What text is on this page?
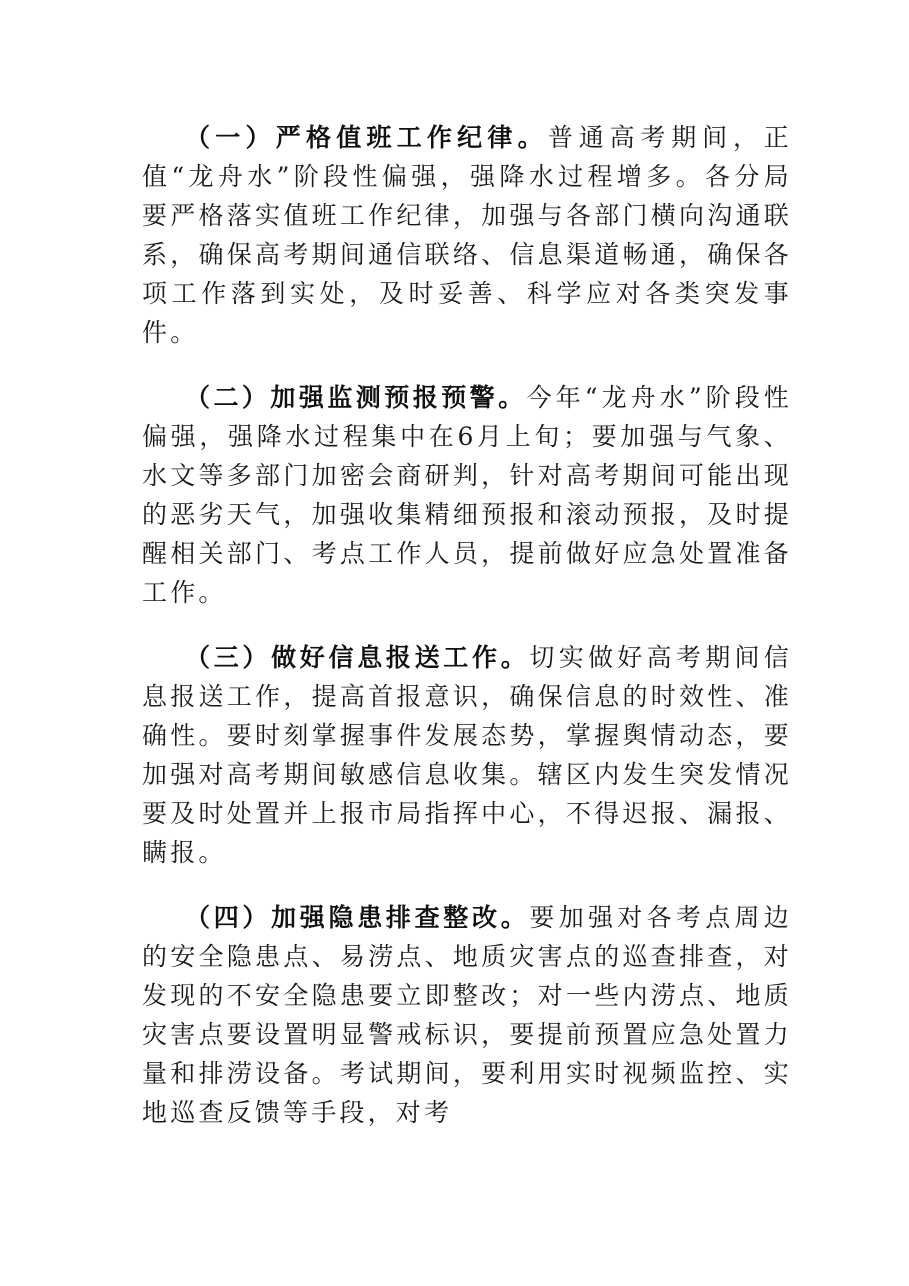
（一）严格值班工作纪律。普通高考期间，正值“龙舟水”阶段性偏强，强降水过程增多。各分局要严格落实值班工作纪律，加强与各部门横向沟通联系，确保高考期间通信联络、信息渠道畅通，确保各项工作落到实处，及时妥善、科学应对各类突发事件。

（二）加强监测预报预警。今年“龙舟水”阶段性偏强，强降水过程集中在6月上旬；要加强与气象、水文等多部门加密会商研判，针对高考期间可能出现的恶劣天气，加强收集精细预报和滚动预报，及时提醒相关部门、考点工作人员，提前做好应急处置准备工作。

（三）做好信息报送工作。切实做好高考期间信息报送工作，提高首报意识，确保信息的时效性、准确性。要时刻掌握事件发展态势，掌握舆情动态，要加强对高考期间敏感信息收集。辖区内发生突发情况要及时处置并上报市局指挥中心，不得迟报、漏报、瞒报。

（四）加强隐患排查整改。要加强对各考点周边的安全隐患点、易涝点、地质灾害点的巡查排查，对发现的不安全隐患要立即整改；对一些内涝点、地质灾害点要设置明显警戒标识，要提前预置应急处置力量和排涝设备。考试期间，要利用实时视频监控、实地巡查反馈等手段，对考
